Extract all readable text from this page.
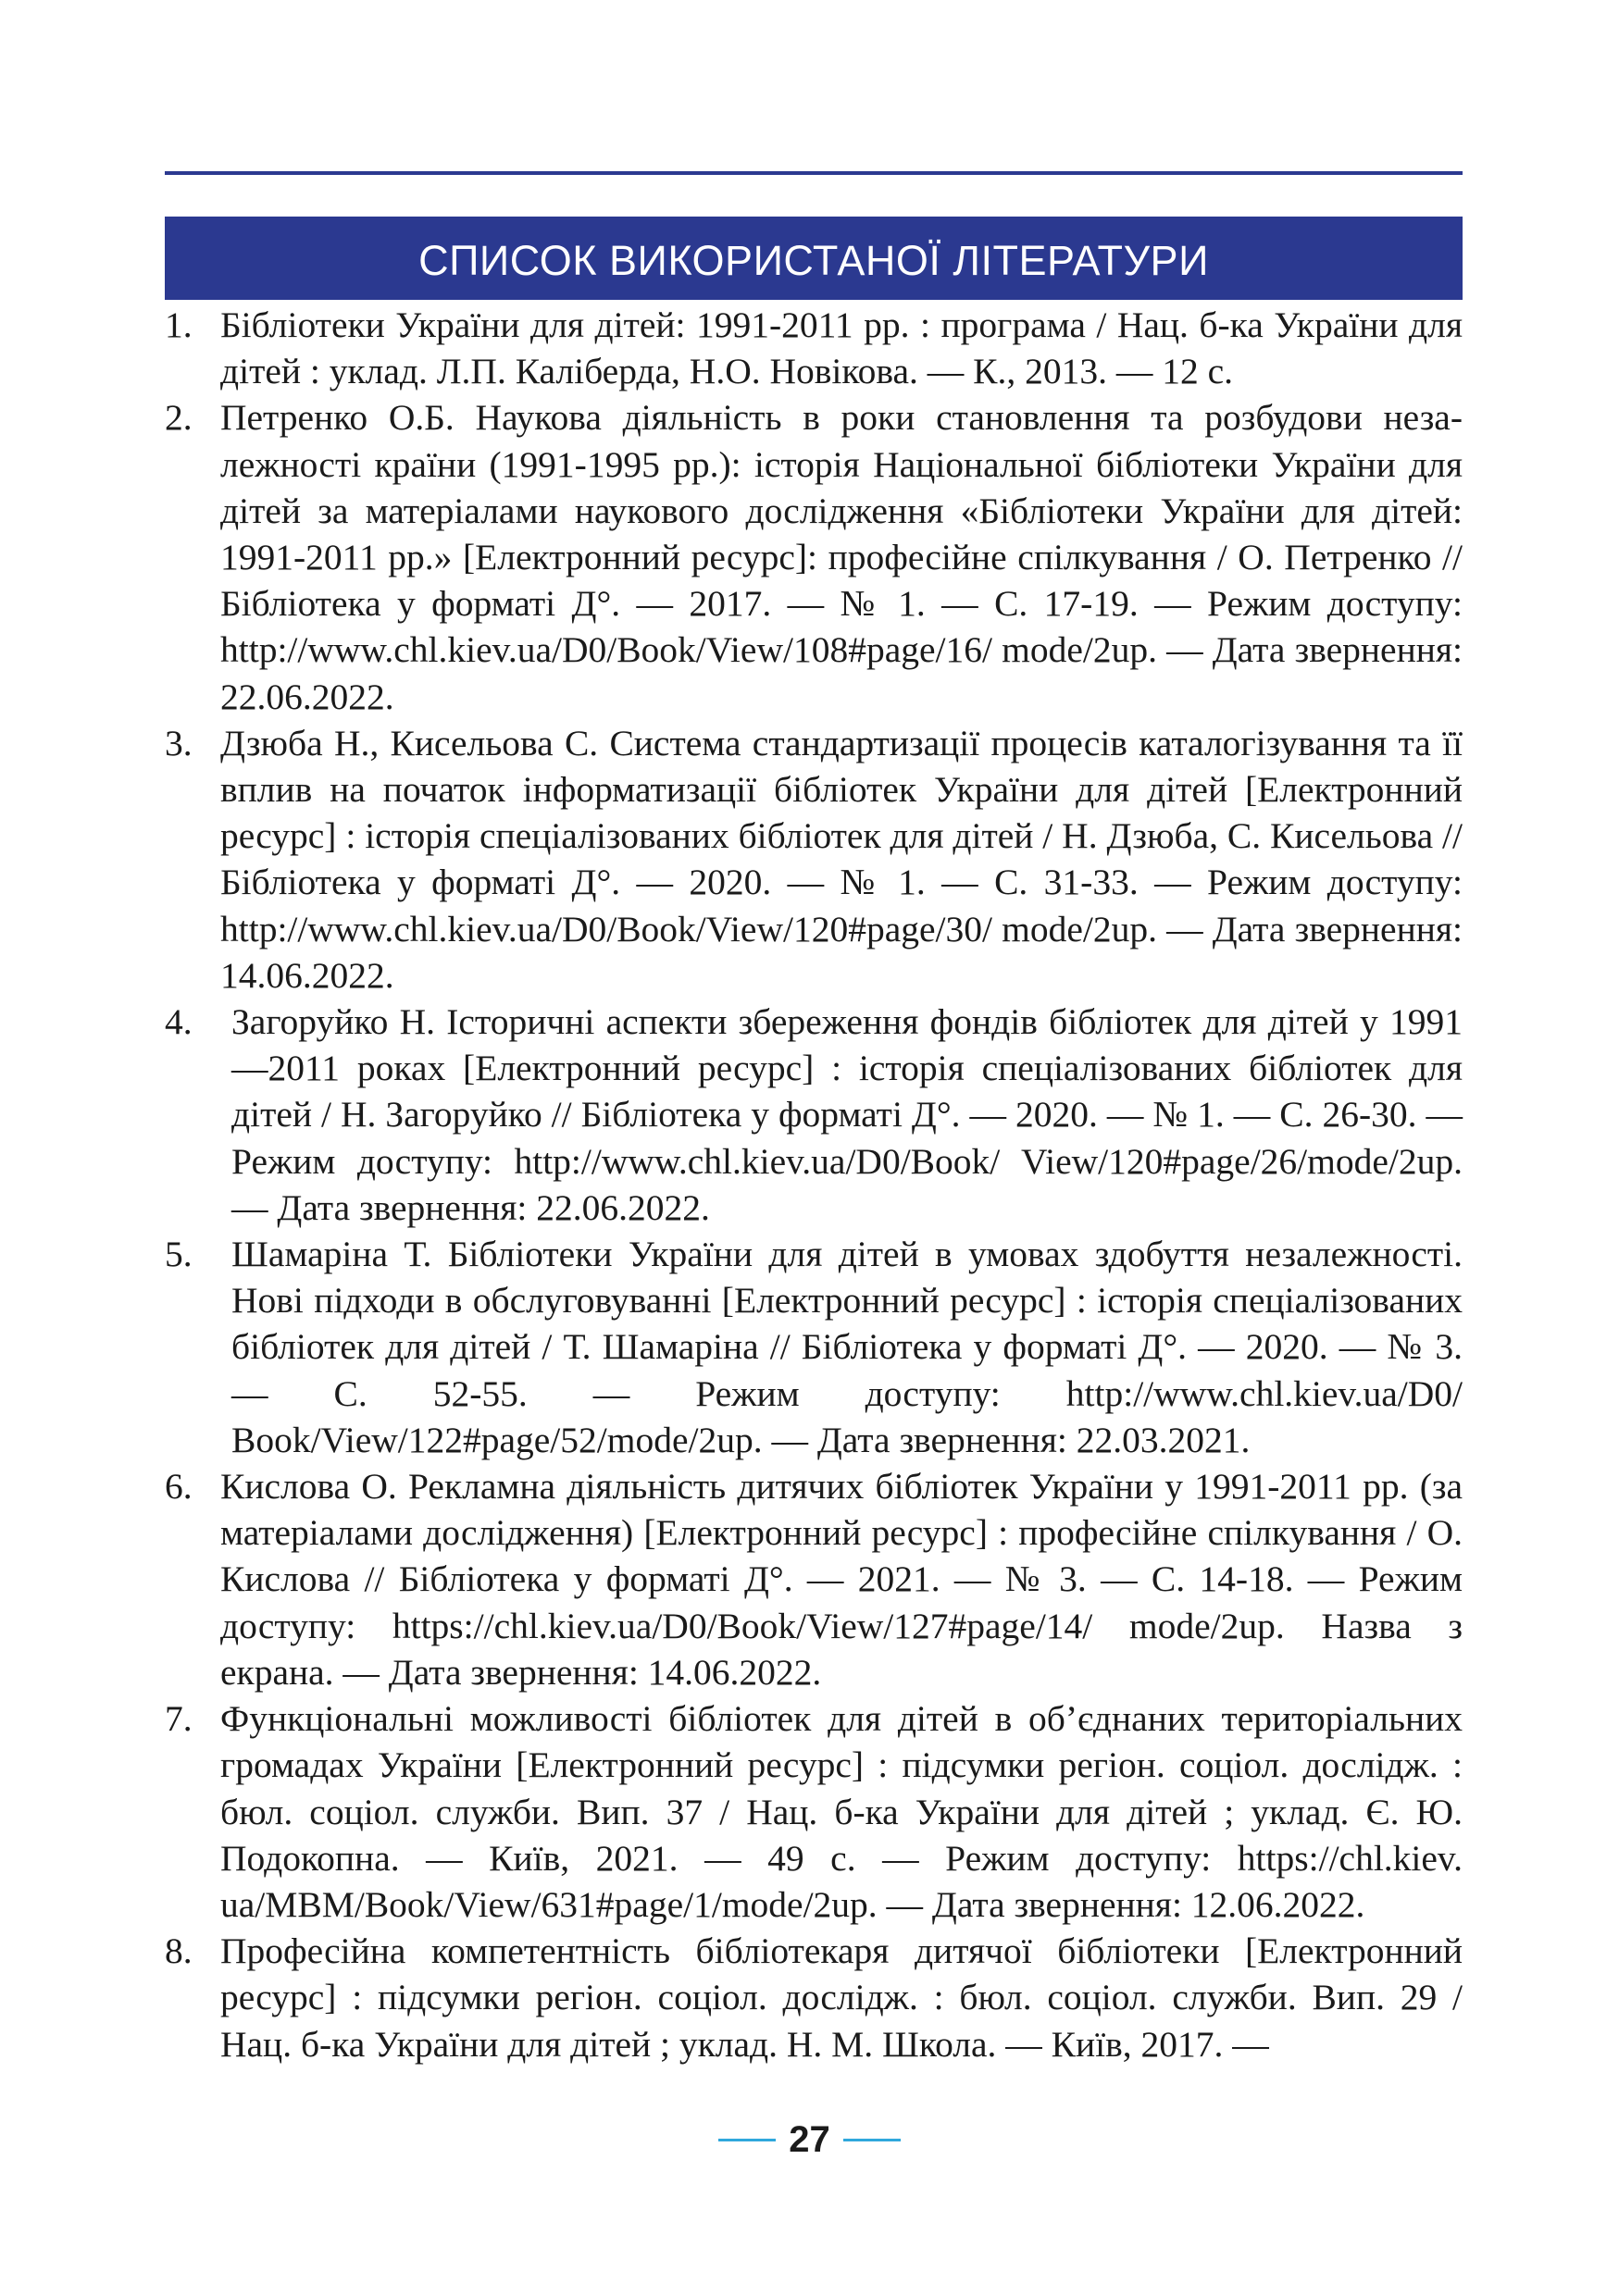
СПИСОК ВИКОРИСТАНОЇ ЛІТЕРАТУРИ
1. Бібліотеки України для дітей: 1991-2011 рр. : програма / Нац. б-ка України для дітей : уклад. Л.П. Каліберда, Н.О. Новікова. — К., 2013. — 12 с.
2. Петренко О.Б. Наукова діяльність в роки становлення та розбудови незалежності країни (1991-1995 рр.): історія Національної бібліотеки України для дітей за матеріалами наукового дослідження «Бібліотеки України для дітей: 1991-2011 рр.» [Електронний ресурс]: професійне спілкування / О. Петренко // Бібліотека у форматі Д°. — 2017. — № 1. — С. 17-19. — Режим доступу: http://www.chl.kiev.ua/D0/Book/View/108#page/16/ mode/2up. — Дата звернення: 22.06.2022.
3. Дзюба Н., Кисельова С. Система стандартизації процесів каталогізування та її вплив на початок інформатизації бібліотек України для дітей [Електронний ресурс] : історія спеціалізованих бібліотек для дітей / Н. Дзюба, С. Кисельова // Бібліотека у форматі Д°. — 2020. — № 1. — С. 31-33. — Режим доступу: http://www.chl.kiev.ua/D0/Book/View/120#page/30/ mode/2up. — Дата звернення: 14.06.2022.
4. Загоруйко Н. Історичні аспекти збереження фондів бібліотек для дітей у 1991—2011 роках [Електронний ресурс] : історія спеціалізованих бібліотек для дітей / Н. Загоруйко // Бібліотека у форматі Д°. — 2020. — № 1. — С. 26-30. — Режим доступу: http://www.chl.kiev.ua/D0/Book/ View/120#page/26/mode/2up. — Дата звернення: 22.06.2022.
5. Шамаріна Т. Бібліотеки України для дітей в умовах здобуття незалежності. Нові підходи в обслуговуванні [Електронний ресурс] : історія спеціалізованих бібліотек для дітей / Т. Шамаріна // Бібліотека у форматі Д°. — 2020. — № 3. — С. 52-55. — Режим доступу: http://www.chl.kiev.ua/D0/ Book/View/122#page/52/mode/2up. — Дата звернення: 22.03.2021.
6. Кислова О. Рекламна діяльність дитячих бібліотек України у 1991-2011 рр. (за матеріалами дослідження) [Електронний ресурс] : професійне спілкування / О. Кислова // Бібліотека у форматі Д°. — 2021. — № 3. — С. 14-18. — Режим доступу: https://chl.kiev.ua/D0/Book/View/127#page/14/ mode/2up. Назва з екрана. — Дата звернення: 14.06.2022.
7. Функціональні можливості бібліотек для дітей в об’єднаних територіальних громадах України [Електронний ресурс] : підсумки регіон. соціол. дослідж. : бюл. соціол. служби. Вип. 37 / Нац. б-ка України для дітей ; уклад. Є. Ю. Подокопна. — Київ, 2021. — 49 с. — Режим доступу: https://chl.kiev. ua/MBM/Book/View/631#page/1/mode/2up. — Дата звернення: 12.06.2022.
8. Професійна компетентність бібліотекаря дитячої бібліотеки [Електронний ресурс] : підсумки регіон. соціол. дослідж. : бюл. соціол. служби. Вип. 29 / Нац. б-ка України для дітей ; уклад. Н. М. Школа. — Київ, 2017. —
27
